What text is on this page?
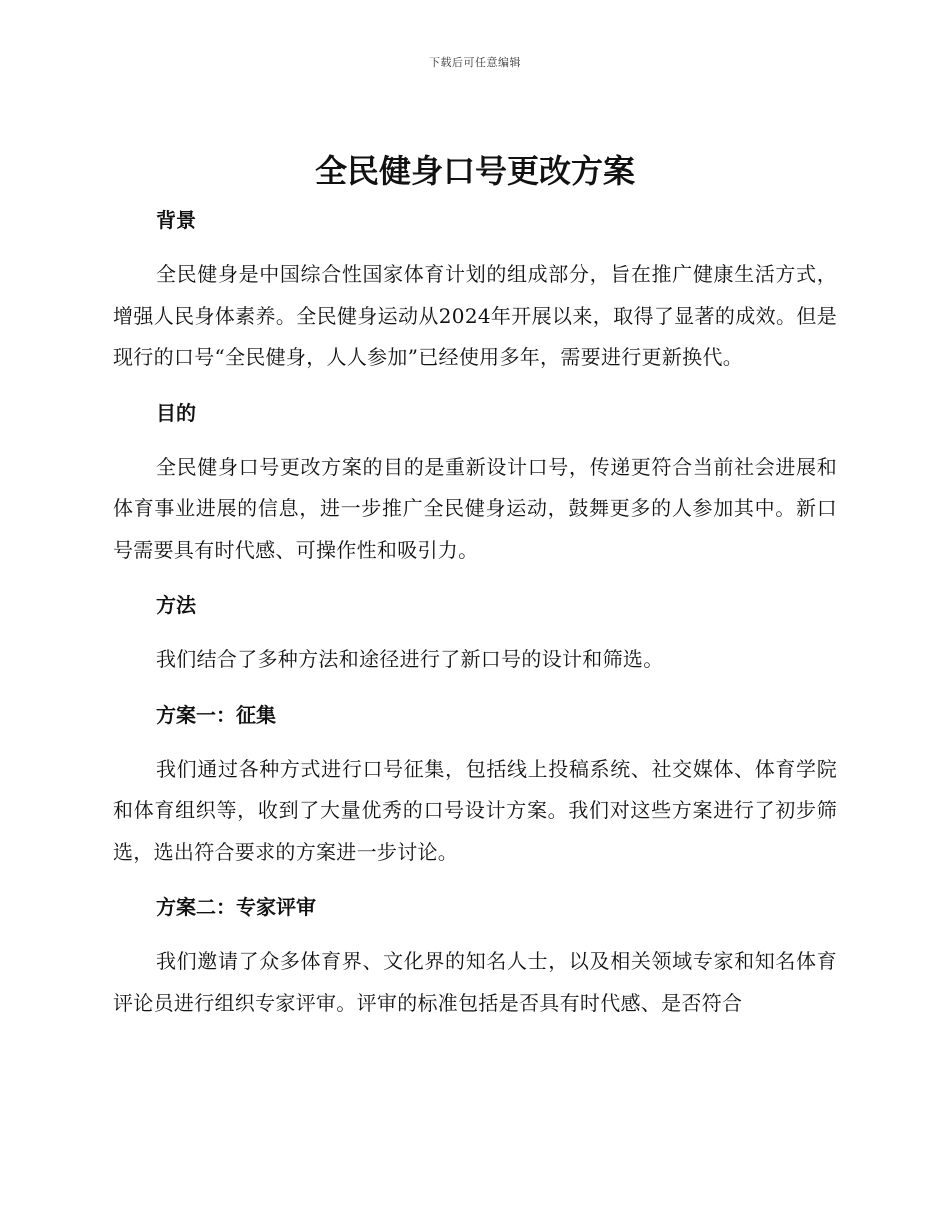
下载后可任意编辑
全民健身口号更改方案
背景

全民健身是中国综合性国家体育计划的组成部分，旨在推广健康生活方式，增强人民身体素养。全民健身运动从2024年开展以来，取得了显著的成效。但是现行的口号“全民健身，人人参加”已经使用多年，需要进行更新换代。

目的

全民健身口号更改方案的目的是重新设计口号，传递更符合当前社会进展和体育事业进展的信息，进一步推广全民健身运动，鼓舞更多的人参加其中。新口号需要具有时代感、可操作性和吸引力。

方法

我们结合了多种方法和途径进行了新口号的设计和筛选。

方案一：征集

我们通过各种方式进行口号征集，包括线上投稿系统、社交媒体、体育学院和体育组织等，收到了大量优秀的口号设计方案。我们对这些方案进行了初步筛选，选出符合要求的方案进一步讨论。

方案二：专家评审

我们邀请了众多体育界、文化界的知名人士，以及相关领域专家和知名体育评论员进行组织专家评审。评审的标准包括是否具有时代感、是否符合
